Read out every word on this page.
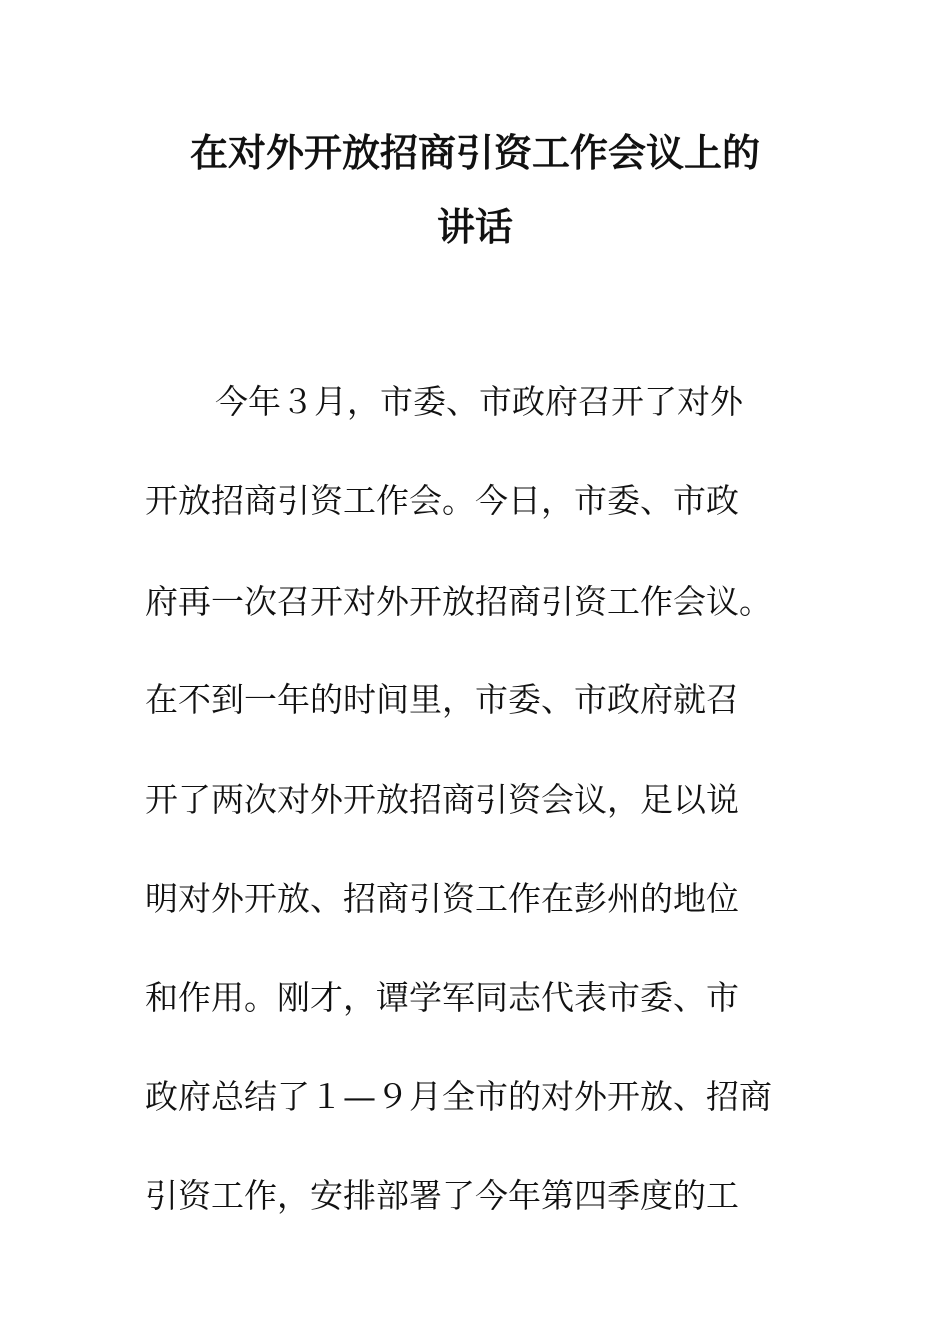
在对外开放招商引资工作会议上的
讲话
今年３月，市委、市政府召开了对外
开放招商引资工作会。今日，市委、市政
府再一次召开对外开放招商引资工作会议。
在不到一年的时间里，市委、市政府就召
开了两次对外开放招商引资会议，足以说
明对外开放、招商引资工作在彭州的地位
和作用。刚才，谭学军同志代表市委、市
政府总结了１—９月全市的对外开放、招商
引资工作，安排部署了今年第四季度的工
